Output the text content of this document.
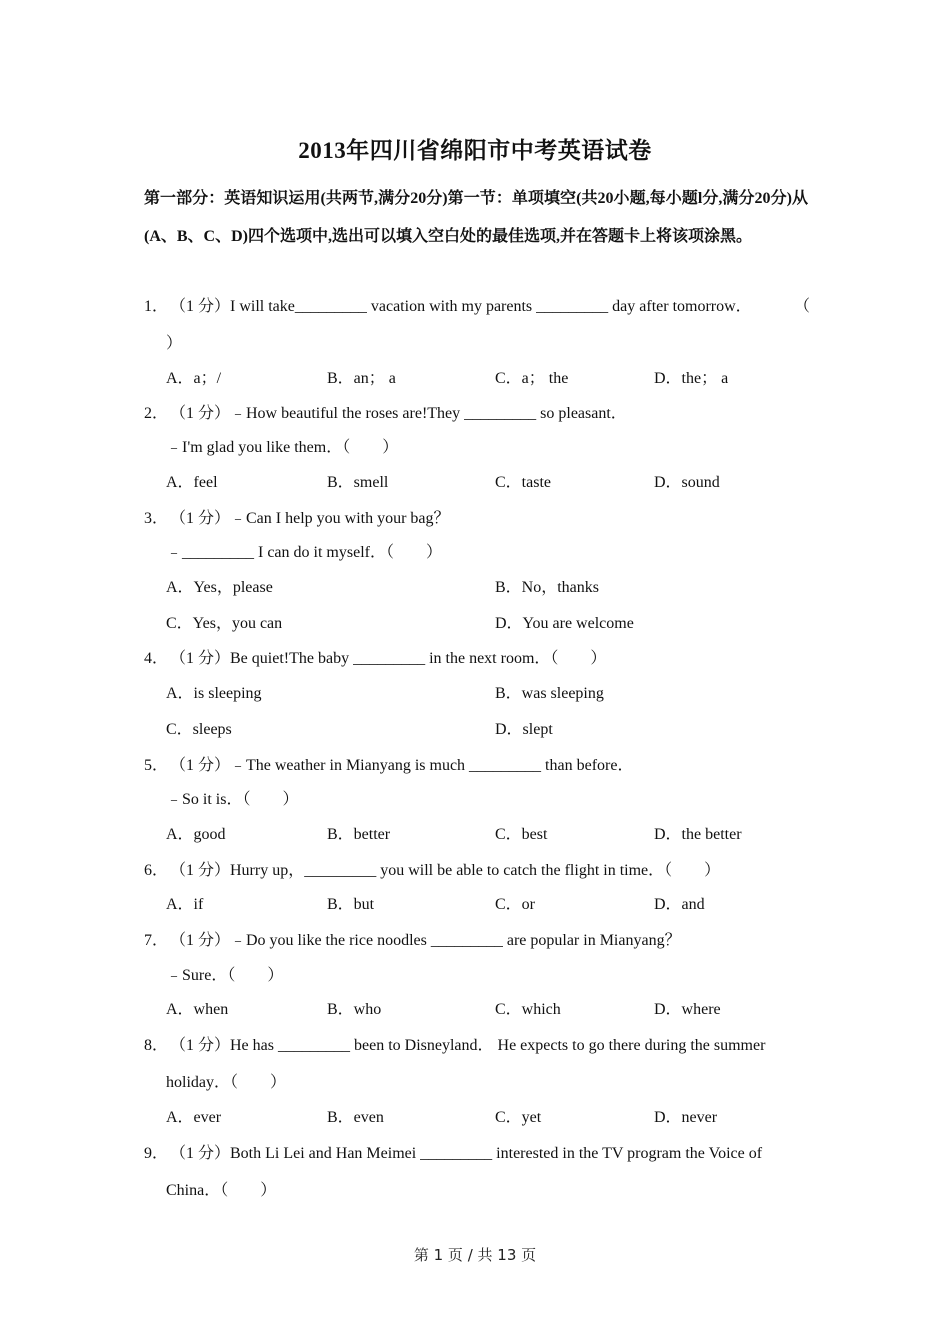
2013年四川省绵阳市中考英语试卷
第一部分：英语知识运用(共两节,满分20分)第一节：单项填空(共20小题,每小题l分,满分20分)从(A、B、C、D)四个选项中,选出可以填入空白处的最佳选项,并在答题卡上将该项涂黑。
1． （1 分）I will take_________ vacation with my parents _________ day after tomorrow．	（
）
A．a；/	B．an； a	C．a； the	D．the； a
2． （1 分）﹣How beautiful the roses are!They _________ so pleasant．
﹣I'm glad you like them．（　　）
A．feel	B．smell	C．taste	D．sound
3． （1 分）﹣Can I help you with your bag？
﹣_________ I can do it myself．（　　）
A．Yes，please	B．No，thanks
C．Yes，you can	D．You are welcome
4． （1 分）Be quiet!The baby _________ in the next room．（　　）
A．is sleeping	B．was sleeping
C．sleeps	D．slept
5． （1 分）﹣The weather in Mianyang is much _________ than before．
﹣So it is．（　　）
A．good	B．better	C．best	D．the better
6． （1 分）Hurry up，_________ you will be able to catch the flight in time．（　　）
A．if	B．but	C．or	D．and
7． （1 分）﹣Do you like the rice noodles _________ are popular in Mianyang？
﹣Sure．（　　）
A．when	B．who	C．which	D．where
8． （1 分）He has _________ been to Disneyland． He expects to go there during the summer
holiday．（　　）
A．ever	B．even	C．yet	D．never
9． （1 分）Both Li Lei and Han Meimei _________ interested in the TV program the Voice of
China．（　　）
第 1 页 / 共 13 页
